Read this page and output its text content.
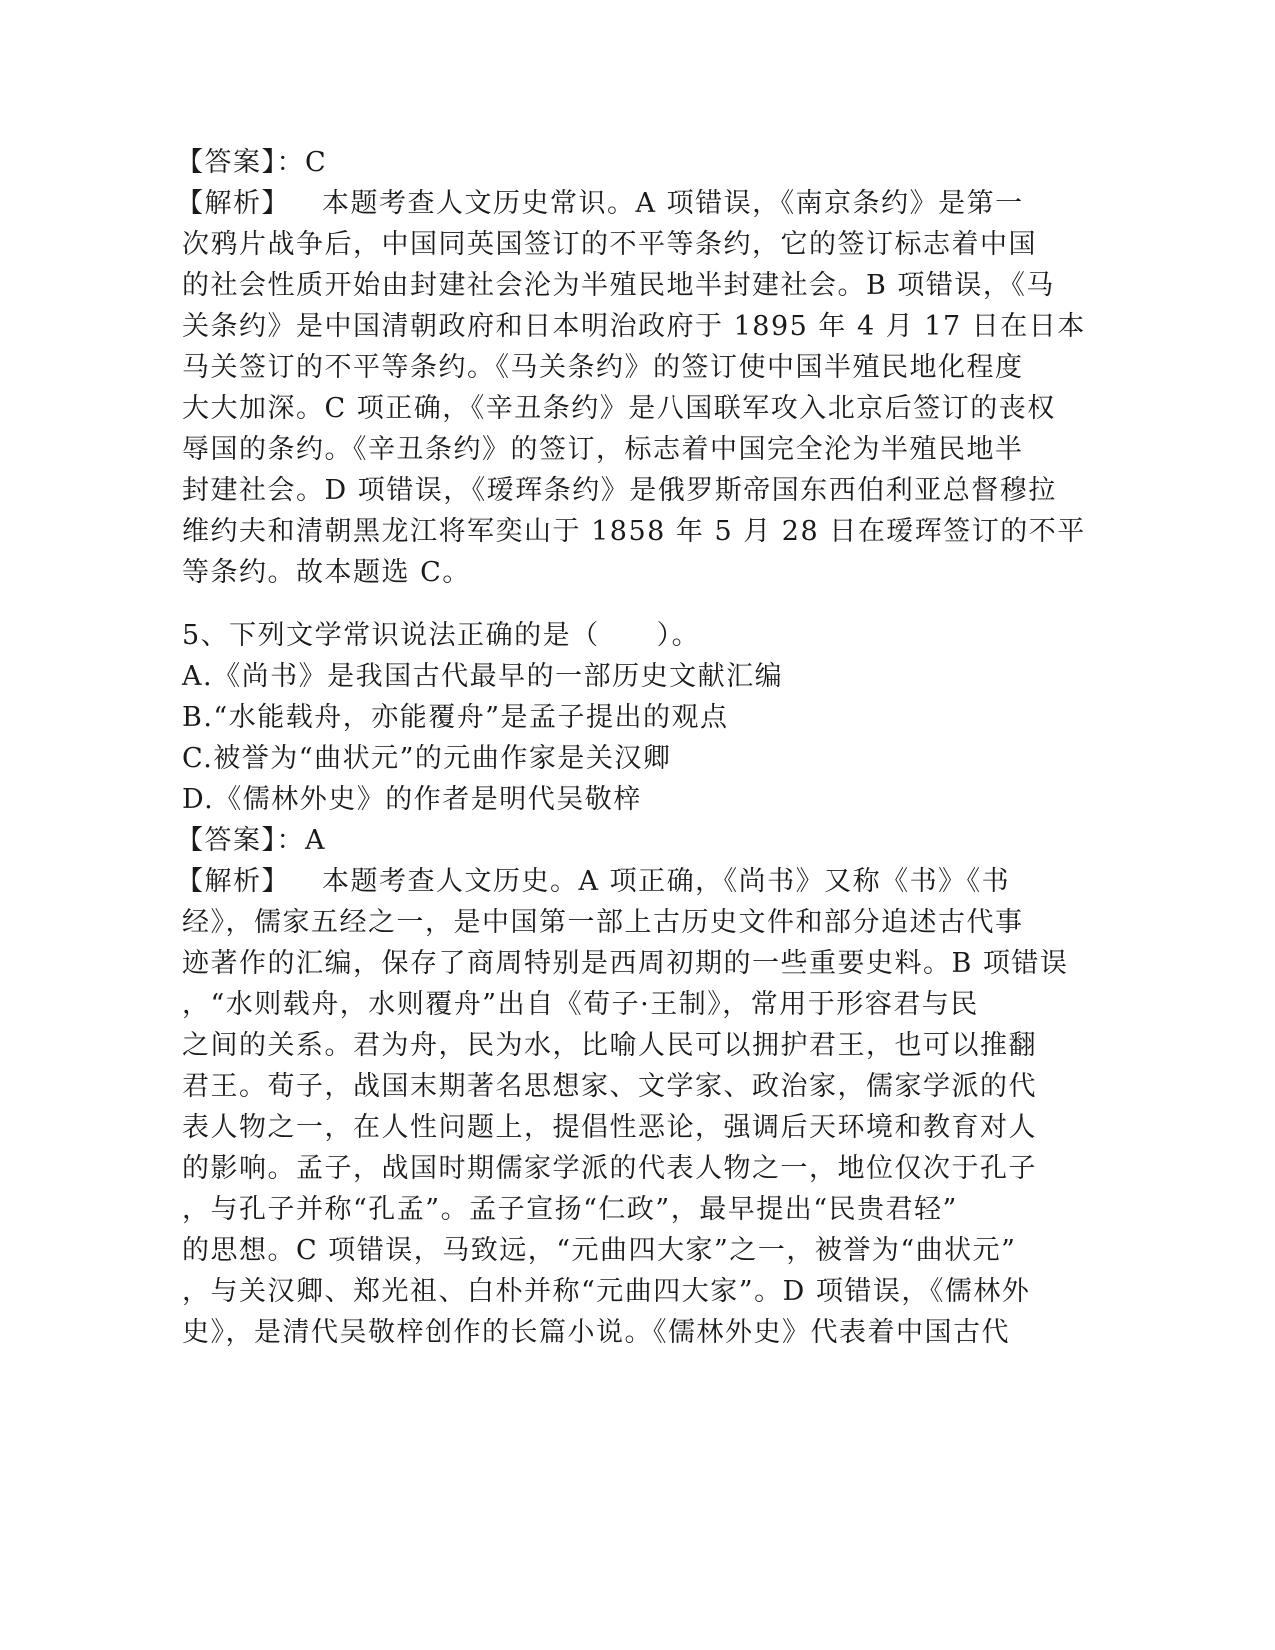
【答案】：C
【解析】 本题考查人文历史常识。A 项错误，《南京条约》是第一
次鸦片战争后，中国同英国签订的不平等条约，它的签订标志着中国
的社会性质开始由封建社会沦为半殖民地半封建社会。B 项错误，《马
关条约》是中国清朝政府和日本明治政府于 1895 年 4 月 17 日在日本
马关签订的不平等条约。《马关条约》的签订使中国半殖民地化程度
大大加深。C 项正确，《辛丑条约》是八国联军攻入北京后签订的丧权
辱国的条约。《辛丑条约》的签订，标志着中国完全沦为半殖民地半
封建社会。D 项错误，《瑷珲条约》是俄罗斯帝国东西伯利亚总督穆拉
维约夫和清朝黑龙江将军奕山于 1858 年 5 月 28 日在瑷珲签订的不平
等条约。故本题选 C。
5、下列文学常识说法正确的是（　　）。
A.《尚书》是我国古代最早的一部历史文献汇编
B.“水能载舟，亦能覆舟”是孟子提出的观点
C.被誉为“曲状元”的元曲作家是关汉卿
D.《儒林外史》的作者是明代吴敬梓
【答案】：A
【解析】 本题考查人文历史。A 项正确，《尚书》又称《书》《书
经》，儒家五经之一，是中国第一部上古历史文件和部分追述古代事
迹著作的汇编，保存了商周特别是西周初期的一些重要史料。B 项错误
，“水则载舟，水则覆舟”出自《荀子·王制》，常用于形容君与民
之间的关系。君为舟，民为水，比喻人民可以拥护君王，也可以推翻
君王。荀子，战国末期著名思想家、文学家、政治家，儒家学派的代
表人物之一，在人性问题上，提倡性恶论，强调后天环境和教育对人
的影响。孟子，战国时期儒家学派的代表人物之一，地位仅次于孔子
，与孔子并称“孔孟”。孟子宣扬“仁政”，最早提出“民贵君轻”
的思想。C 项错误，马致远，“元曲四大家”之一，被誉为“曲状元”
，与关汉卿、郑光祖、白朴并称“元曲四大家”。D 项错误，《儒林外
史》，是清代吴敬梓创作的长篇小说。《儒林外史》代表着中国古代
